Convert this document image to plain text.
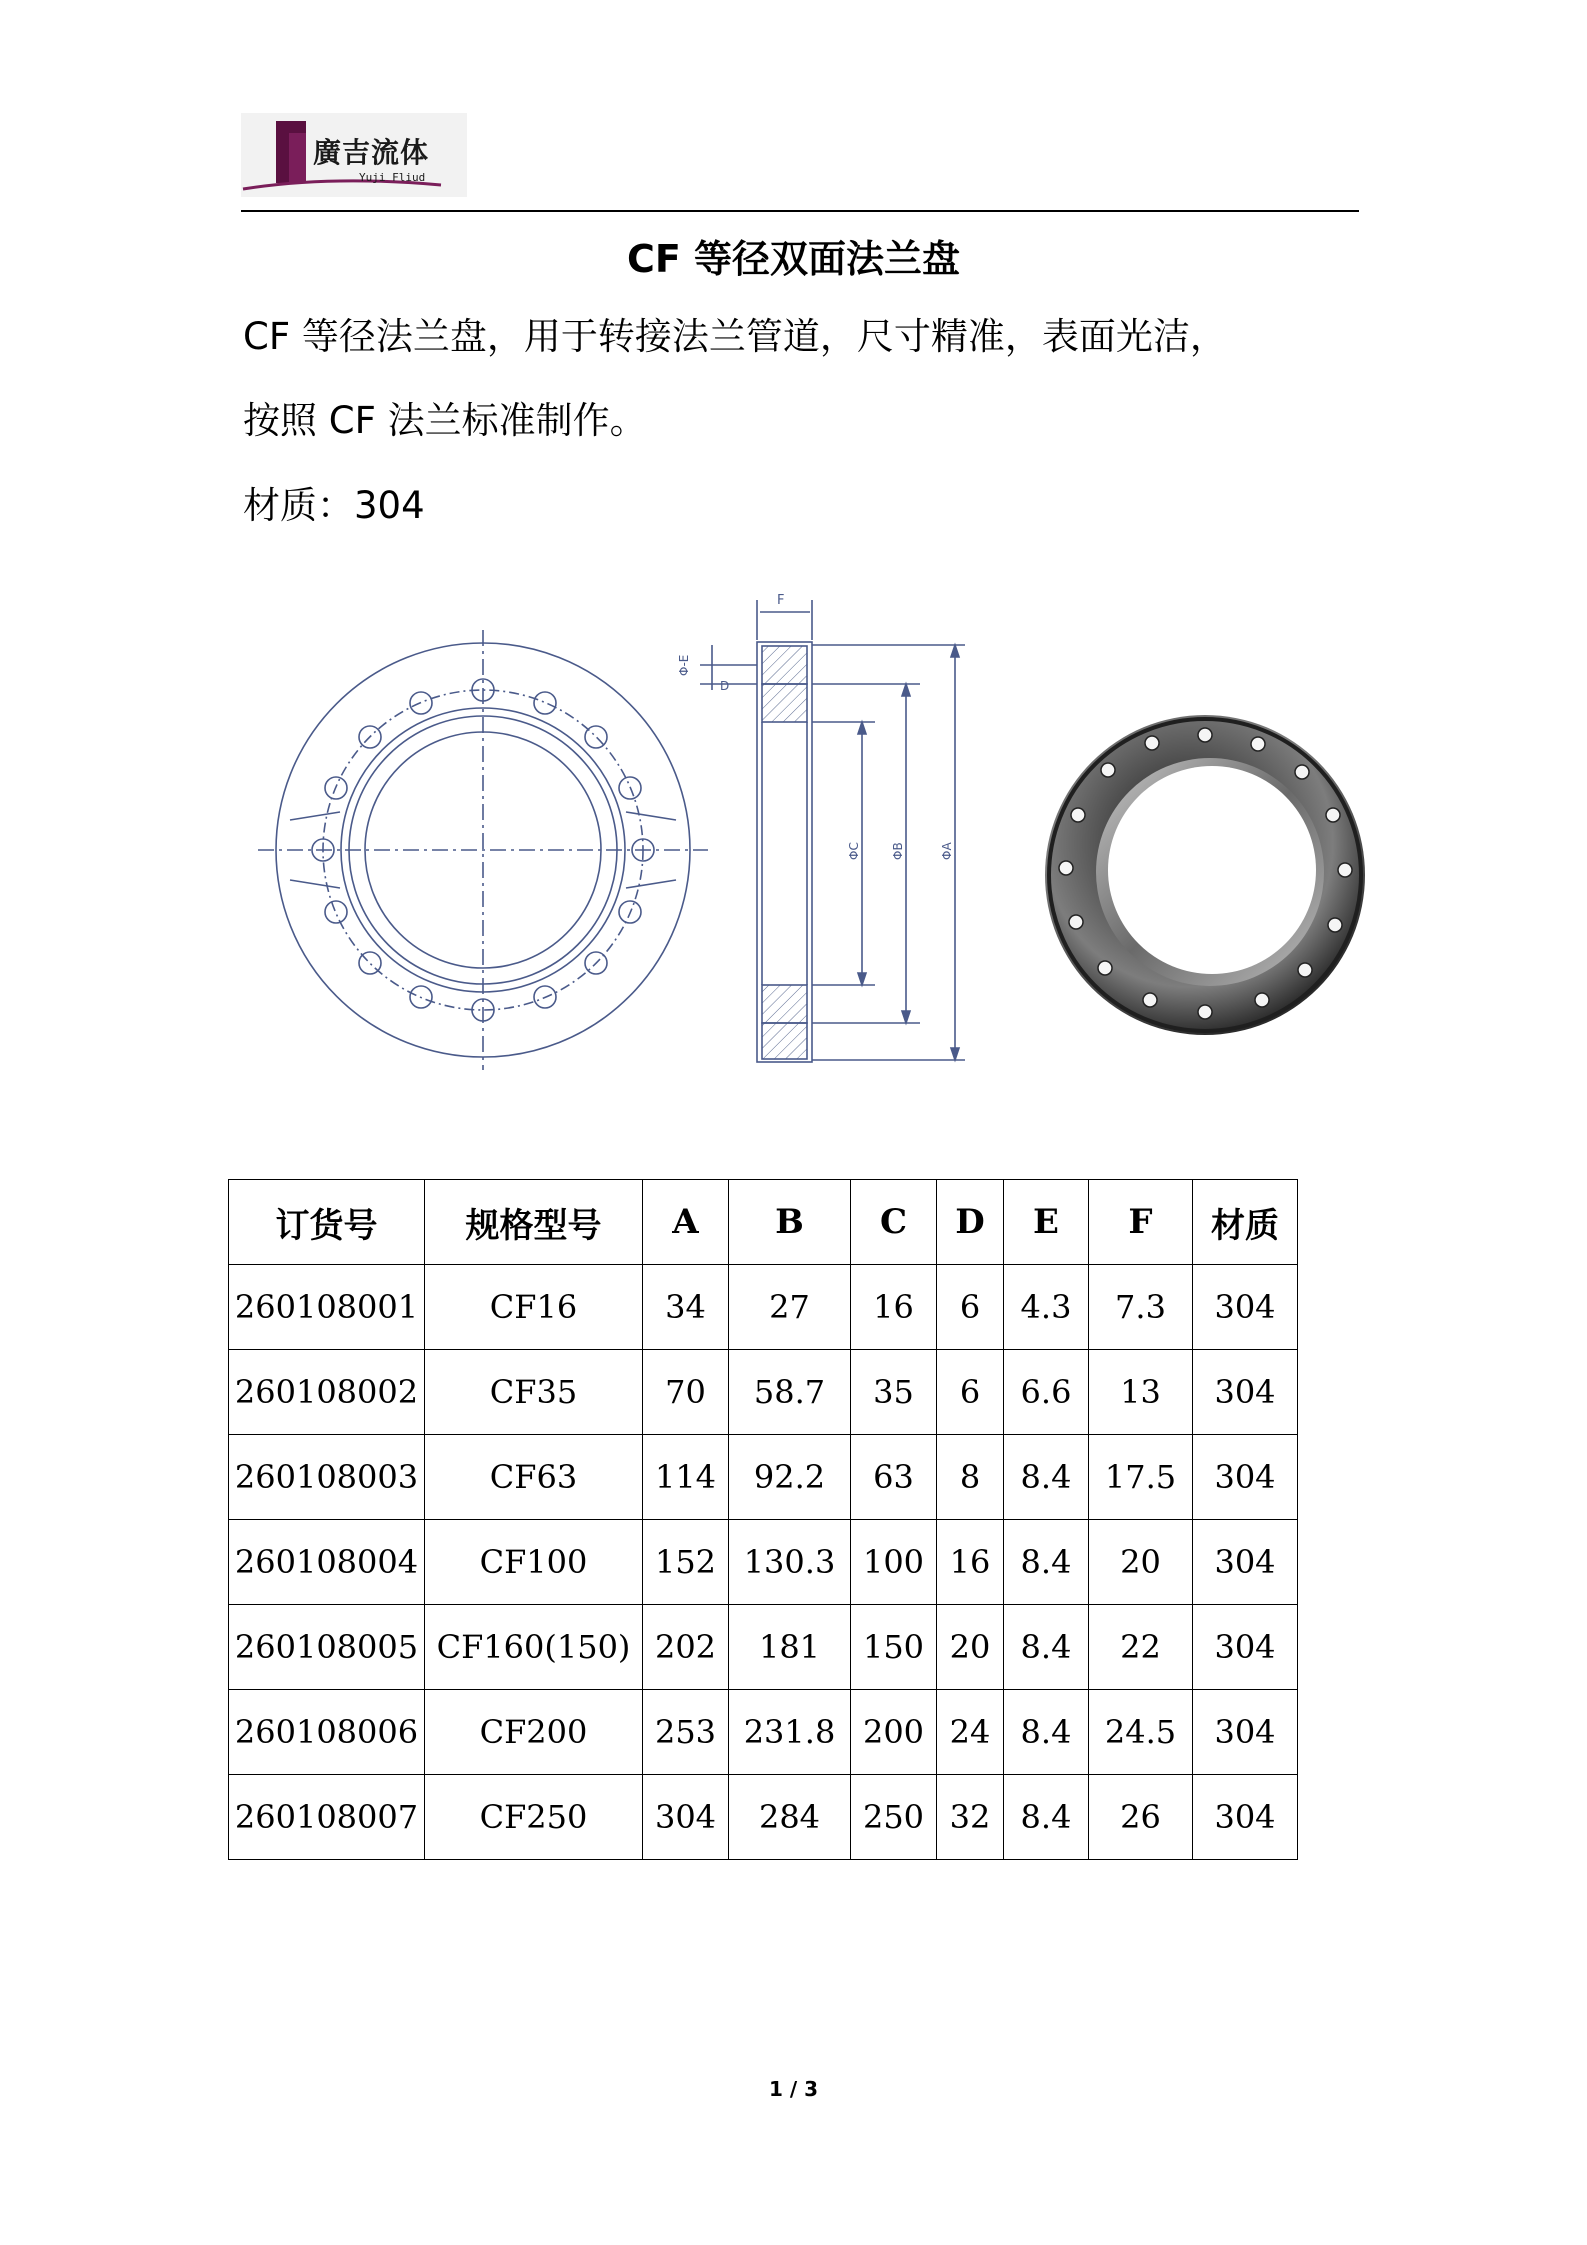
廣吉流体
Yuji Fliud
CF 等径双面法兰盘
CF 等径法兰盘，用于转接法兰管道，尺寸精准，表面光洁，
按照 CF 法兰标准制作。
材质：304
F
Φ-E
D
ΦC	ΦB	ΦA
订货号	规格型号	A	B	C	D	E	F	材质
260108001	CF16	34	27	16	6	4.3	7.3	304
260108002	CF35	70	58.7	35	6	6.6	13	304
260108003	CF63	114	92.2	63	8	8.4	17.5	304
260108004	CF100	152	130.3	100	16	8.4	20	304
260108005	CF160(150)	202	181	150	20	8.4	22	304
260108006	CF200	253	231.8	200	24	8.4	24.5	304
260108007	CF250	304	284	250	32	8.4	26	304
1 / 3
